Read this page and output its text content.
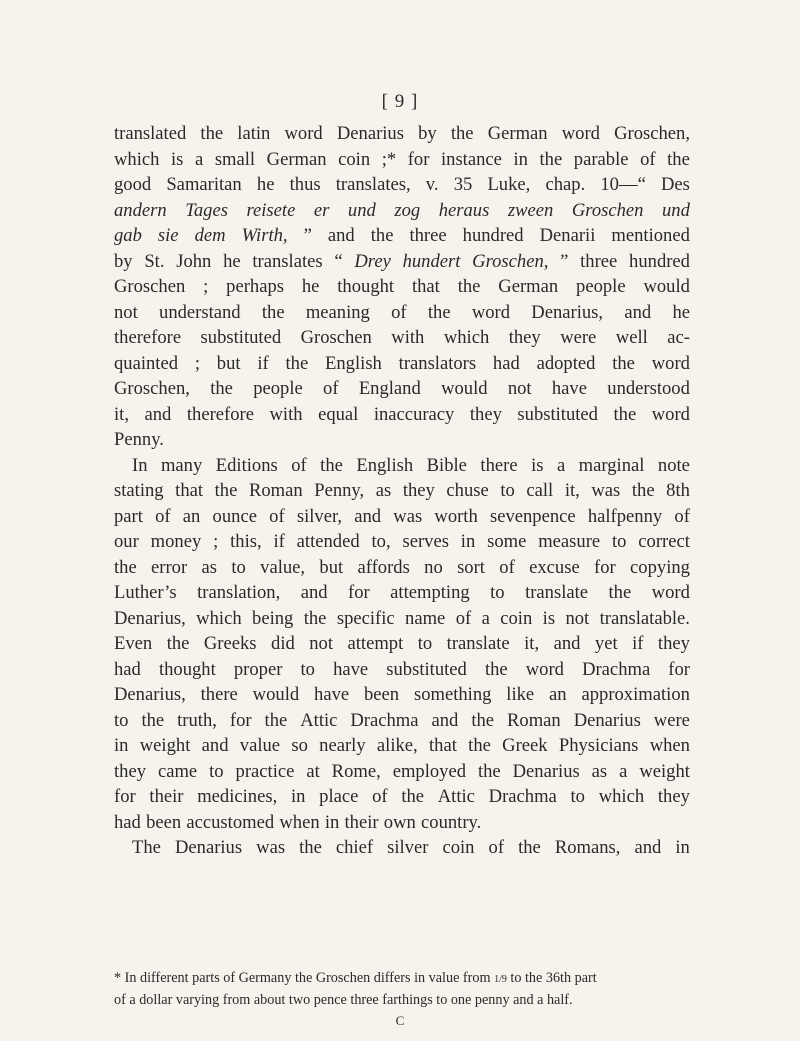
[ 9 ]
translated the latin word Denarius by the German word Groschen,
which is a small German coin ;* for instance in the parable of the
good Samaritan he thus translates, v. 35 Luke, chap. 10—“ Des
andern Tages reisete er und zog heraus zween Groschen und
gab sie dem Wirth, ” and the three hundred Denarii mentioned
by St. John he translates “ Drey hundert Groschen, ” three hundred
Groschen ; perhaps he thought that the German people would
not understand the meaning of the word Denarius, and he
therefore substituted Groschen with which they were well ac-
quainted ; but if the English translators had adopted the word
Groschen, the people of England would not have understood
it, and therefore with equal inaccuracy they substituted the word
Penny.
In many Editions of the English Bible there is a marginal note
stating that the Roman Penny, as they chuse to call it, was the 8th
part of an ounce of silver, and was worth sevenpence halfpenny of
our money ; this, if attended to, serves in some measure to correct
the error as to value, but affords no sort of excuse for copying
Luther’s translation, and for attempting to translate the word
Denarius, which being the specific name of a coin is not translatable.
Even the Greeks did not attempt to translate it, and yet if they
had thought proper to have substituted the word Drachma for
Denarius, there would have been something like an approximation
to the truth, for the Attic Drachma and the Roman Denarius were
in weight and value so nearly alike, that the Greek Physicians when
they came to practice at Rome, employed the Denarius as a weight
for their medicines, in place of the Attic Drachma to which they
had been accustomed when in their own country.
The Denarius was the chief silver coin of the Romans, and in
* In different parts of Germany the Groschen differs in value from 1/9 to the 36th part
of a dollar varying from about two pence three farthings to one penny and a half.
C
